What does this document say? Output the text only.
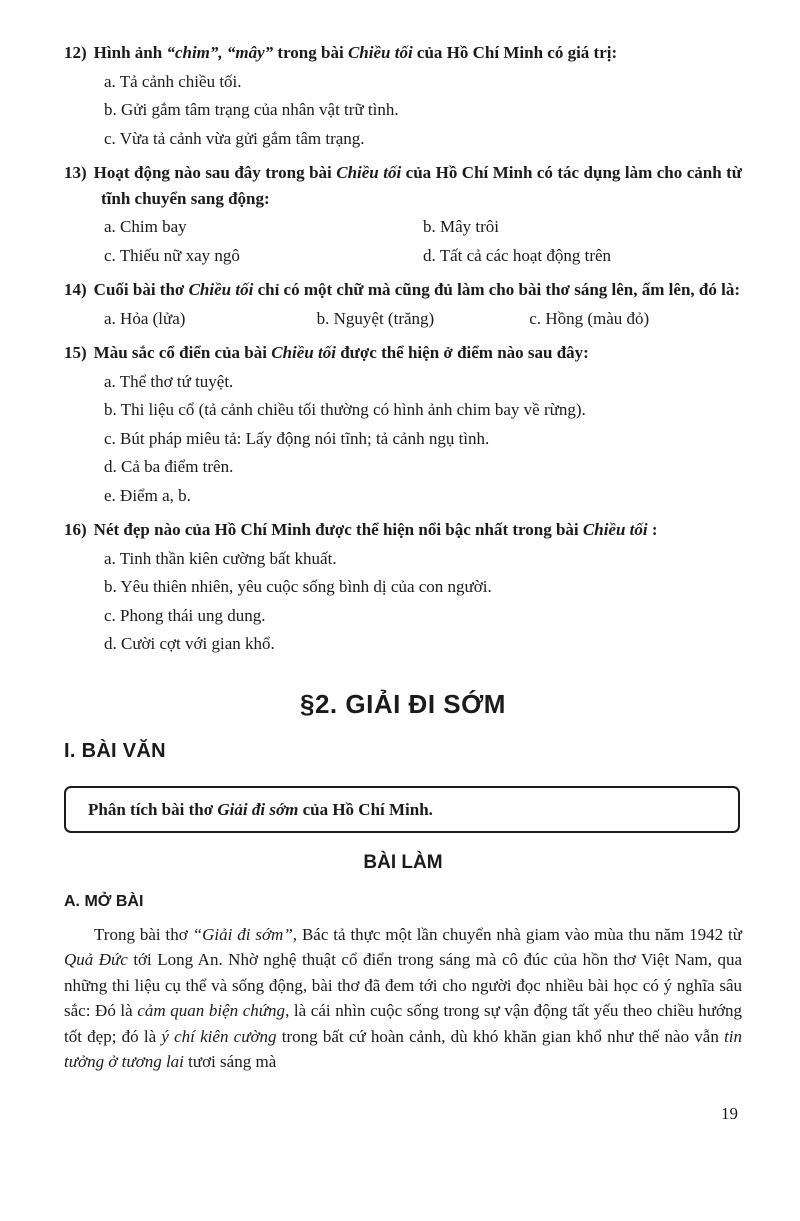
12) Hình ảnh “chim”, “mây” trong bài Chiều tối của Hồ Chí Minh có giá trị:
a. Tả cảnh chiều tối.
b. Gửi gắm tâm trạng của nhân vật trữ tình.
c. Vừa tả cảnh vừa gửi gắm tâm trạng.
13) Hoạt động nào sau đây trong bài Chiều tối của Hồ Chí Minh có tác dụng làm cho cảnh từ tĩnh chuyển sang động:
a. Chim bay	b. Mây trôi
c. Thiếu nữ xay ngô	d. Tất cả các hoạt động trên
14) Cuối bài thơ Chiều tối chỉ có một chữ mà cũng đủ làm cho bài thơ sáng lên, ấm lên, đó là:
a. Hỏa (lửa)	b. Nguyệt (trăng)	c. Hồng (màu đỏ)
15) Màu sắc cổ điển của bài Chiều tối được thể hiện ở điểm nào sau đây:
a. Thể thơ tứ tuyệt.
b. Thi liệu cổ (tả cảnh chiều tối thường có hình ảnh chim bay về rừng).
c. Bút pháp miêu tả: Lấy động nói tĩnh; tả cảnh ngụ tình.
d. Cả ba điểm trên.
e. Điểm a, b.
16) Nét đẹp nào của Hồ Chí Minh được thể hiện nổi bậc nhất trong bài Chiều tối :
a. Tinh thần kiên cường bất khuất.
b. Yêu thiên nhiên, yêu cuộc sống bình dị của con người.
c. Phong thái ung dung.
d. Cười cợt với gian khổ.
§2. GIẢI ĐI SỚM
I. BÀI VĂN

Phân tích bài thơ Giải đi sớm của Hồ Chí Minh.

BÀI LÀM
A. MỞ BÀI

Trong bài thơ “Giải đi sớm”, Bác tả thực một lần chuyển nhà giam vào mùa thu năm 1942 từ Quả Đức tới Long An. Nhờ nghệ thuật cổ điển trong sáng mà cô đúc của hồn thơ Việt Nam, qua những thi liệu cụ thể và sống động, bài thơ đã đem tới cho người đọc nhiều bài học có ý nghĩa sâu sắc: Đó là cảm quan biện chứng, là cái nhìn cuộc sống trong sự vận động tất yếu theo chiều hướng tốt đẹp; đó là ý chí kiên cường trong bất cứ hoàn cảnh, dù khó khăn gian khổ như thế nào vẫn tin tưởng ở tương lai tươi sáng mà

19
